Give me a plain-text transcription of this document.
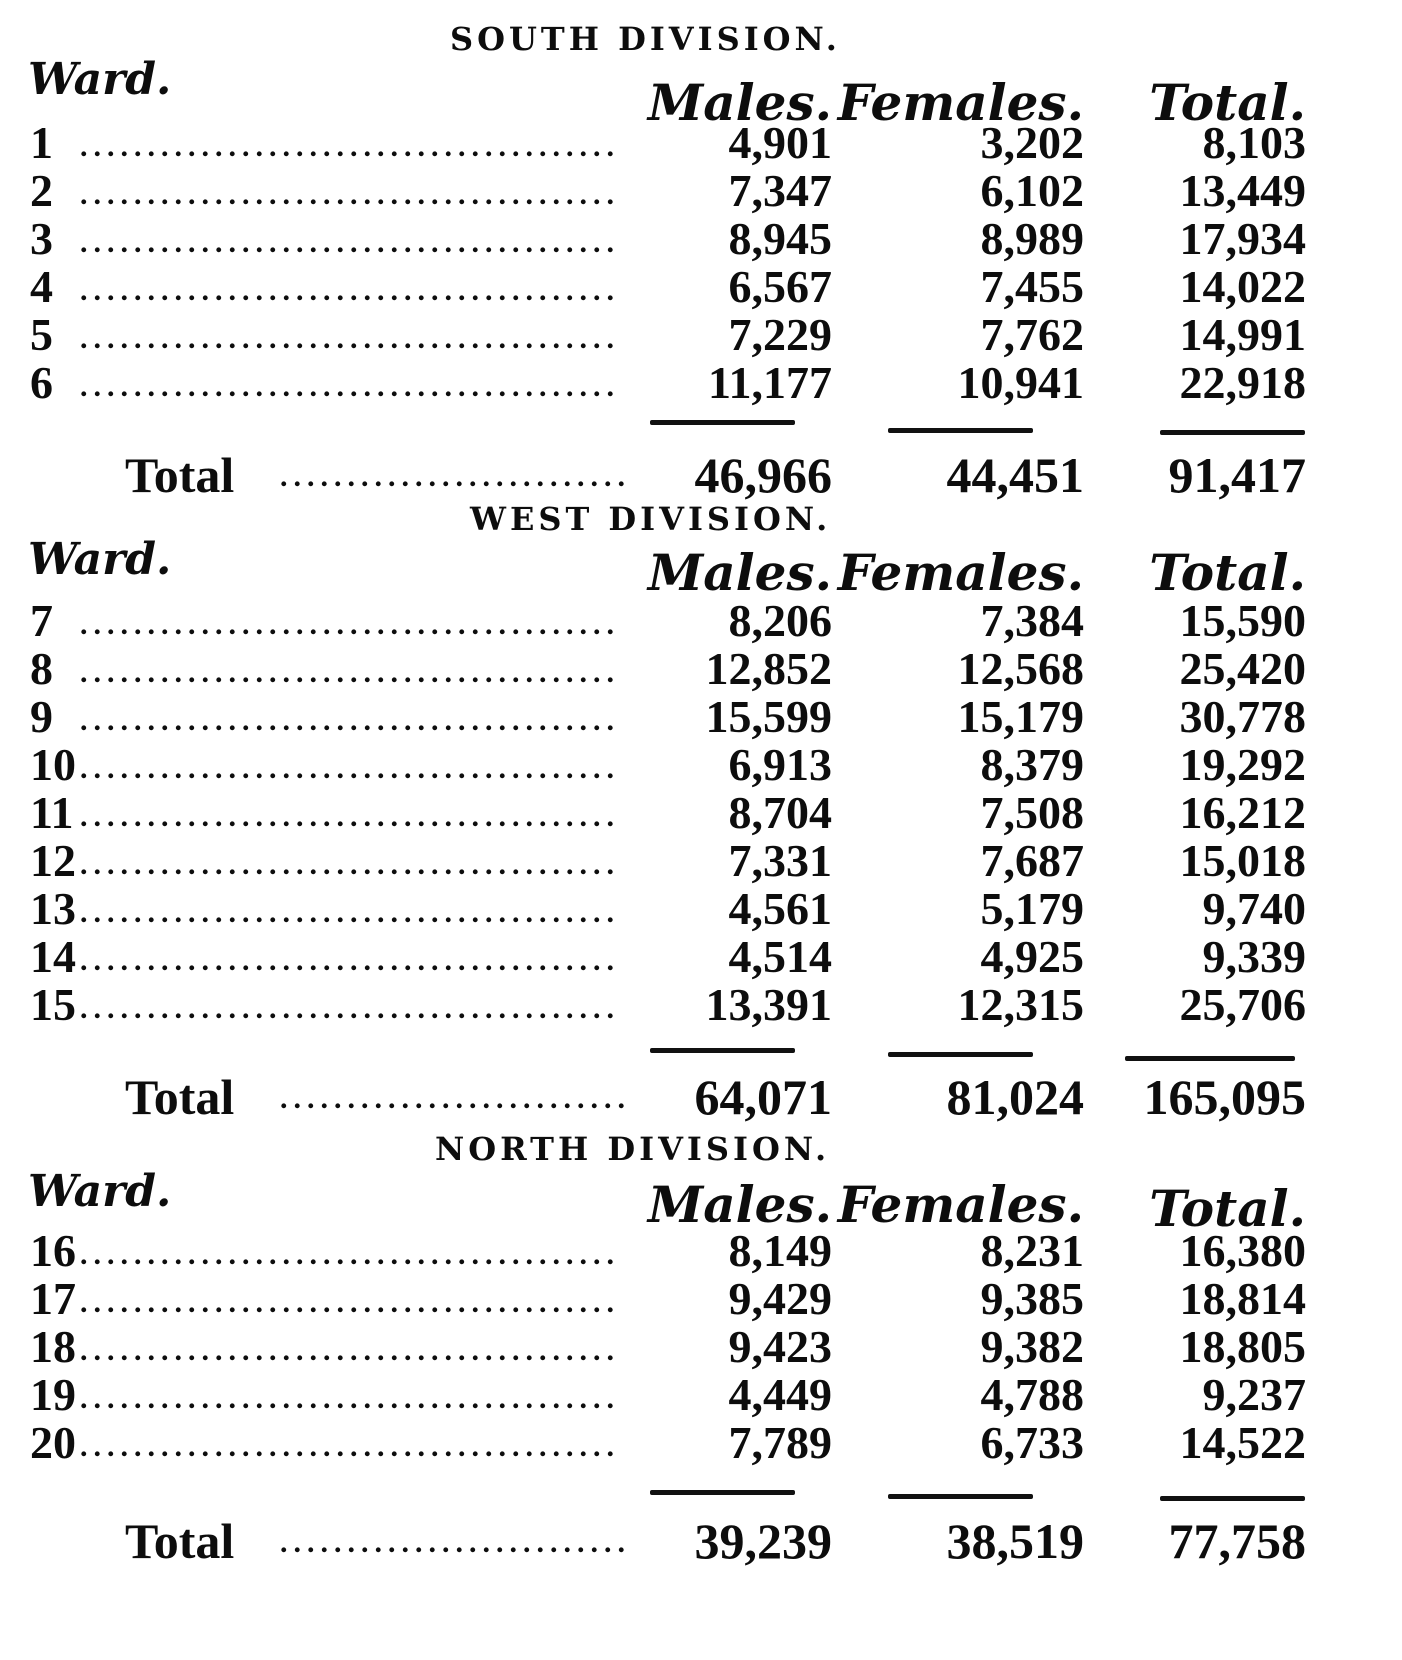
SOUTH DIVISION.
Ward.	Males. Females. Total.
1 ........................................	4,901	3,202	8,103
2 ........................................	7,347	6,102 13,449
3 ........................................	8,945	8,989 17,934
4 ........................................	6,567	7,455 14,022
5 ........................................	7,229	7,762 14,991
6 ........................................	11,177	10,941 22,918
Total ..........................	46,966 44,451 91,417
WEST DIVISION.
Ward.	Males. Females. Total.
7 ........................................	8,206	7,384 15,590
8 ........................................	12,852	12,568 25,420
9 ........................................	15,599	15,179 30,778
10 ........................................	6,913	8,379 19,292
11 ........................................	8,704	7,508 16,212
12 ........................................	7,331	7,687 15,018
13 ........................................	4,561	5,179	9,740
14 ........................................	4,514	4,925	9,339
15 ........................................	13,391	12,315 25,706
Total ..........................	64,071 81,024 165,095
NORTH DIVISION.
Ward.	Males. Females. Total.
16 ........................................	8,149	8,231 16,380
17 ........................................	9,429	9,385 18,814
18 ........................................	9,423	9,382 18,805
19 ........................................	4,449	4,788	9,237
20 ........................................	7,789	6,733 14,522
Total ..........................	39,239 38,519 77,758
